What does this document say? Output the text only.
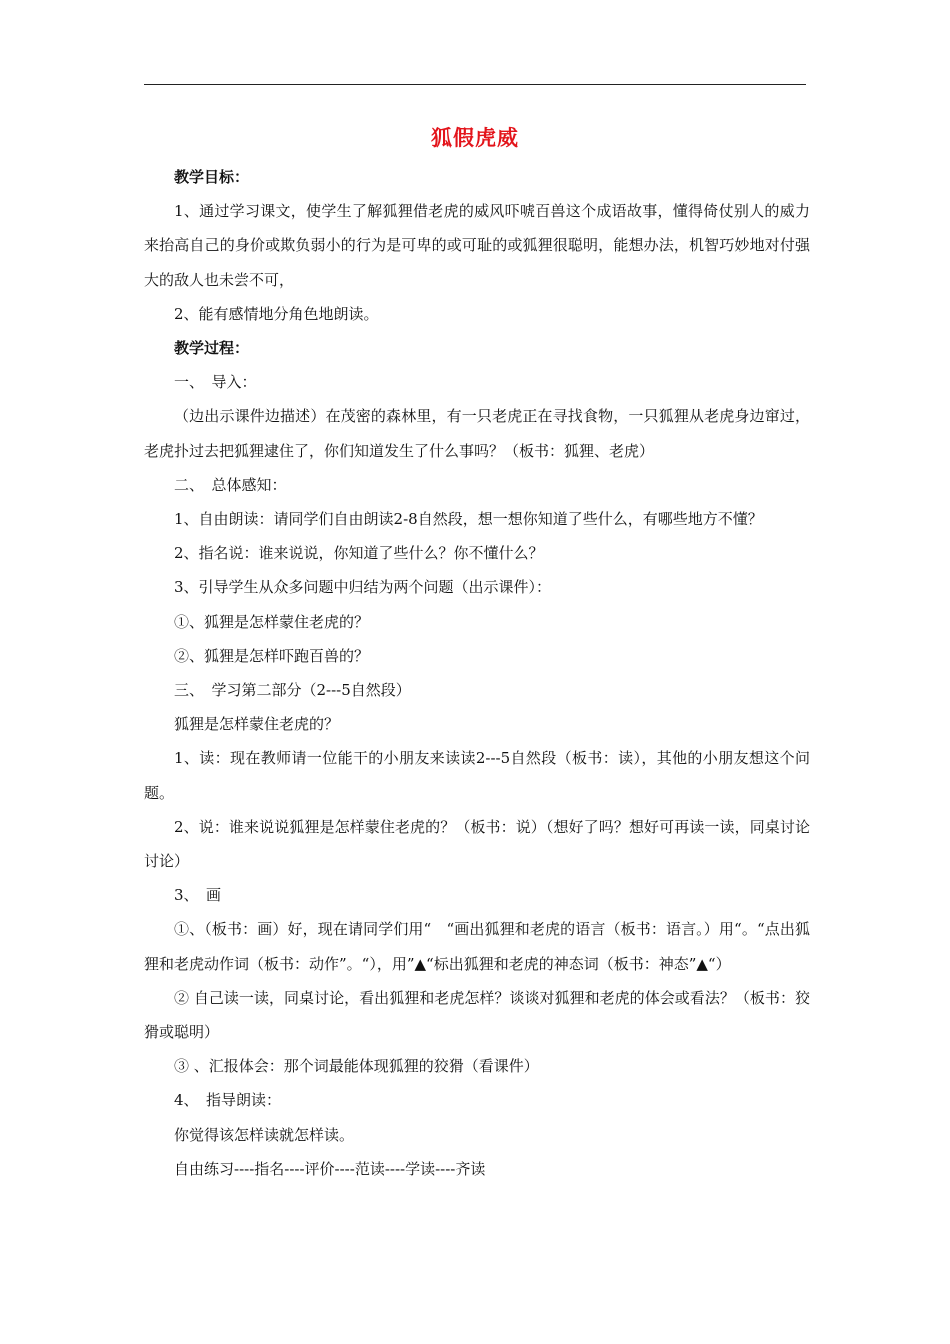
狐假虎威

教学目标：

1、通过学习课文，使学生了解狐狸借老虎的威风吓唬百兽这个成语故事，懂得倚仗别人的威力来抬高自己的身价或欺负弱小的行为是可卑的或可耻的或狐狸很聪明，能想办法，机智巧妙地对付强大的敌人也未尝不可，

2、能有感情地分角色地朗读。

教学过程：

一、　导入：

（边出示课件边描述）在茂密的森林里，有一只老虎正在寻找食物，一只狐狸从老虎身边窜过，老虎扑过去把狐狸逮住了，你们知道发生了什么事吗？（板书：狐狸、老虎）

二、　总体感知：

1、自由朗读：请同学们自由朗读2-8自然段，想一想你知道了些什么，有哪些地方不懂？

2、指名说：谁来说说，你知道了些什么？你不懂什么？

3、引导学生从众多问题中归结为两个问题（出示课件）：

①、狐狸是怎样蒙住老虎的？

②、狐狸是怎样吓跑百兽的？

三、　学习第二部分（2---5自然段）

狐狸是怎样蒙住老虎的？

1、读：现在教师请一位能干的小朋友来读读2---5自然段（板书：读），其他的小朋友想这个问题。

2、说：谁来说说狐狸是怎样蒙住老虎的？（板书：说）（想好了吗？想好可再读一读，同桌讨论讨论）

3、　画

①、（板书：画）好，现在请同学们用“　“画出狐狸和老虎的语言（板书：语言。）用“。“点出狐狸和老虎动作词（板书：动作”。“），用”▲“标出狐狸和老虎的神态词（板书：神态”▲“）

② 自己读一读，同桌讨论，看出狐狸和老虎怎样？谈谈对狐狸和老虎的体会或看法？（板书：狡猾或聪明）

③ 、汇报体会：那个词最能体现狐狸的狡猾（看课件）

4、　指导朗读：

你觉得该怎样读就怎样读。

自由练习----指名----评价----范读----学读----齐读
